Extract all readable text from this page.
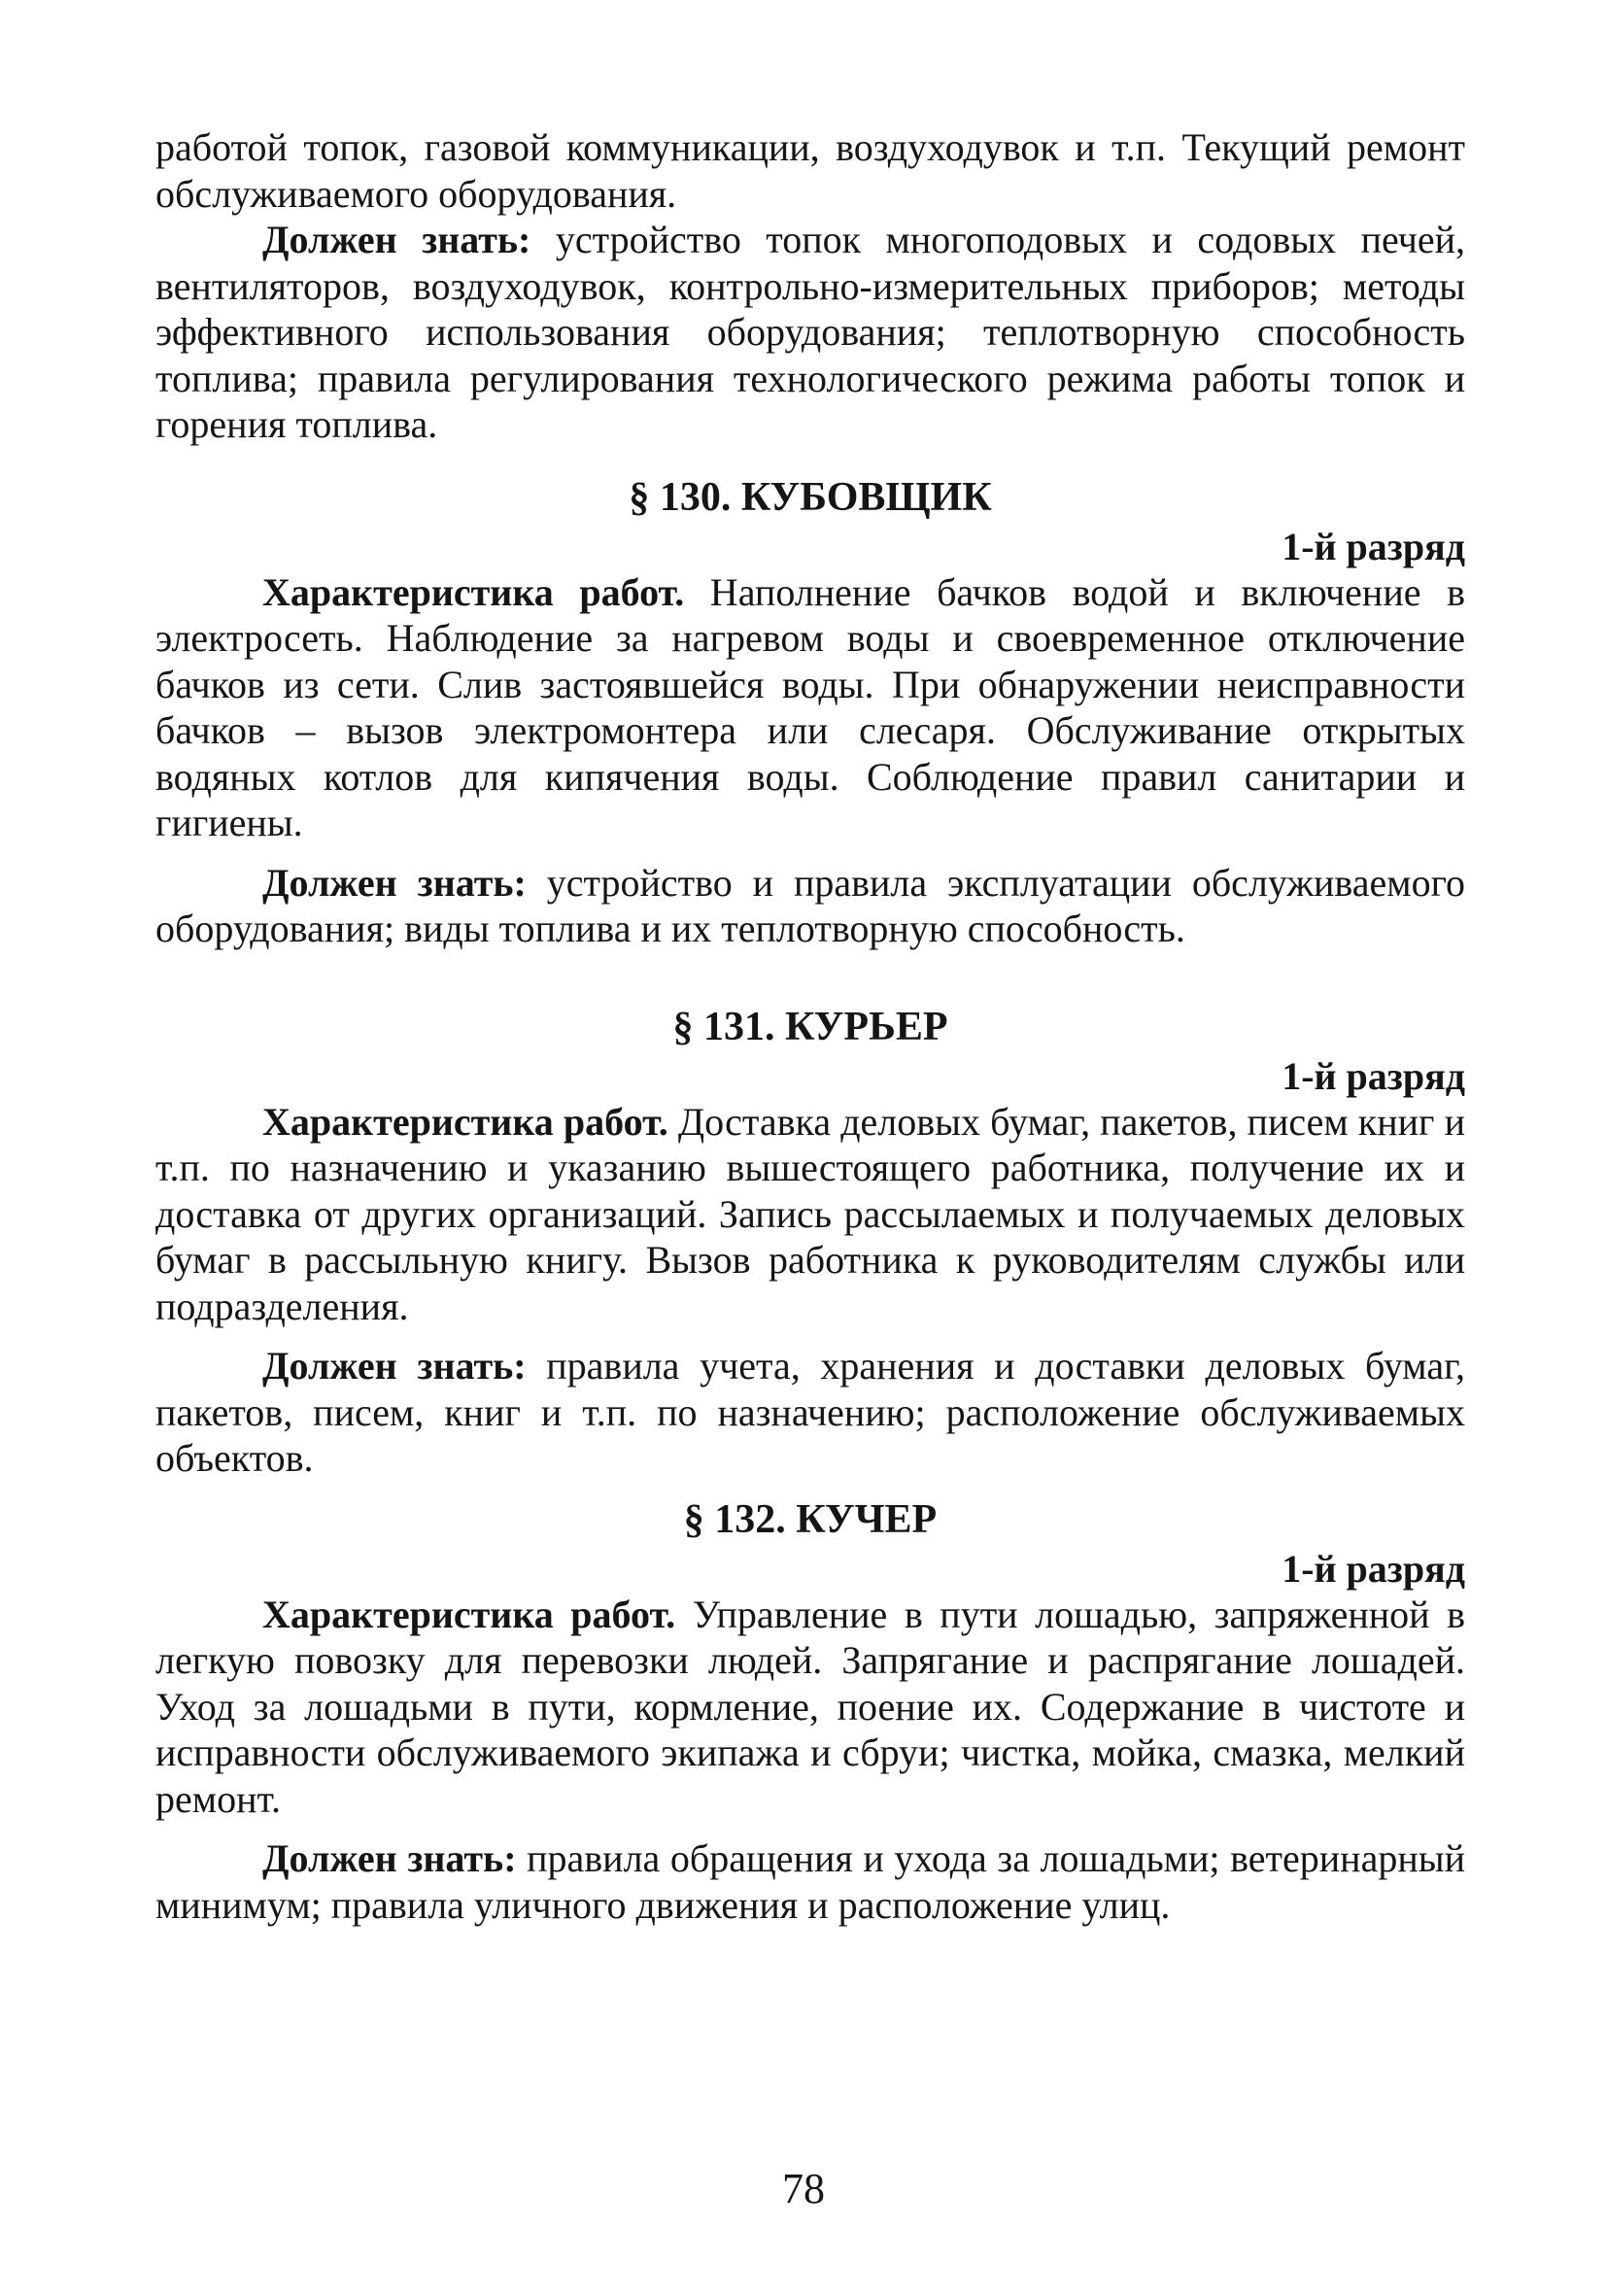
работой топок, газовой коммуникации, воздуходувок и т.п. Текущий ремонт обслуживаемого оборудования.

Должен знать: устройство топок многоподовых и содовых печей, вентиляторов, воздуходувок, контрольно-измерительных приборов; методы эффективного использования оборудования; теплотворную способность топлива; правила регулирования технологического режима работы топок и горения топлива.

§ 130. КУБОВЩИК

1-й разряд

Характеристика работ. Наполнение бачков водой и включение в электросеть. Наблюдение за нагревом воды и своевременное отключение бачков из сети. Слив застоявшейся воды. При обнаружении неисправности бачков – вызов электромонтера или слесаря. Обслуживание открытых водяных котлов для кипячения воды. Соблюдение правил санитарии и гигиены.

Должен знать: устройство и правила эксплуатации обслуживаемого оборудования; виды топлива и их теплотворную способность.

§ 131. КУРЬЕР

1-й разряд

Характеристика работ. Доставка деловых бумаг, пакетов, писем книг и т.п. по назначению и указанию вышестоящего работника, получение их и доставка от других организаций. Запись рассылаемых и получаемых деловых бумаг в рассыльную книгу. Вызов работника к руководителям службы или подразделения.

Должен знать: правила учета, хранения и доставки деловых бумаг, пакетов, писем, книг и т.п. по назначению; расположение обслуживаемых объектов.

§ 132. КУЧЕР

1-й разряд

Характеристика работ. Управление в пути лошадью, запряженной в легкую повозку для перевозки людей. Запрягание и распрягание лошадей. Уход за лошадьми в пути, кормление, поение их. Содержание в чистоте и исправности обслуживаемого экипажа и сбруи; чистка, мойка, смазка, мелкий ремонт.

Должен знать: правила обращения и ухода за лошадьми; ветеринарный минимум; правила уличного движения и расположение улиц.

78
